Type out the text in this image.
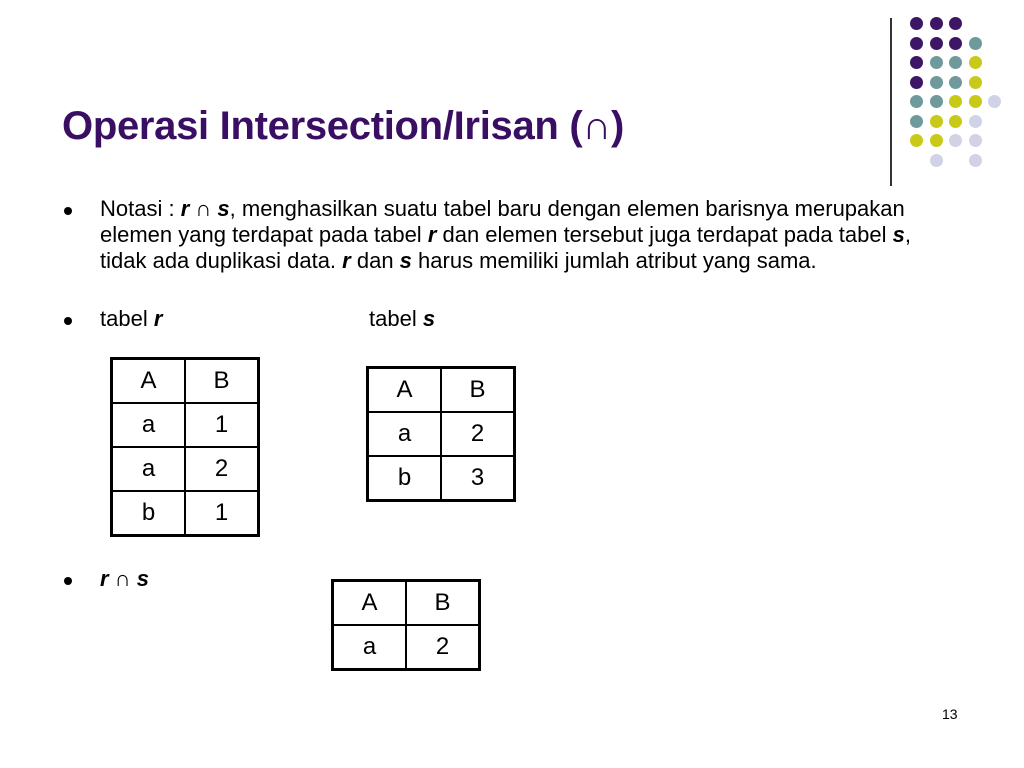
Operasi Intersection/Irisan (∩)

Notasi : r ∩ s, menghasilkan suatu tabel baru dengan elemen barisnya merupakan elemen yang terdapat pada tabel r dan elemen tersebut juga terdapat pada tabel s, tidak ada duplikasi data. r dan s harus memiliki jumlah atribut yang sama.

tabel r	tabel s
A	B
a	1
a	2
b	1
A	B
a	2
b	3
r ∩ s
A	B
a	2
13
